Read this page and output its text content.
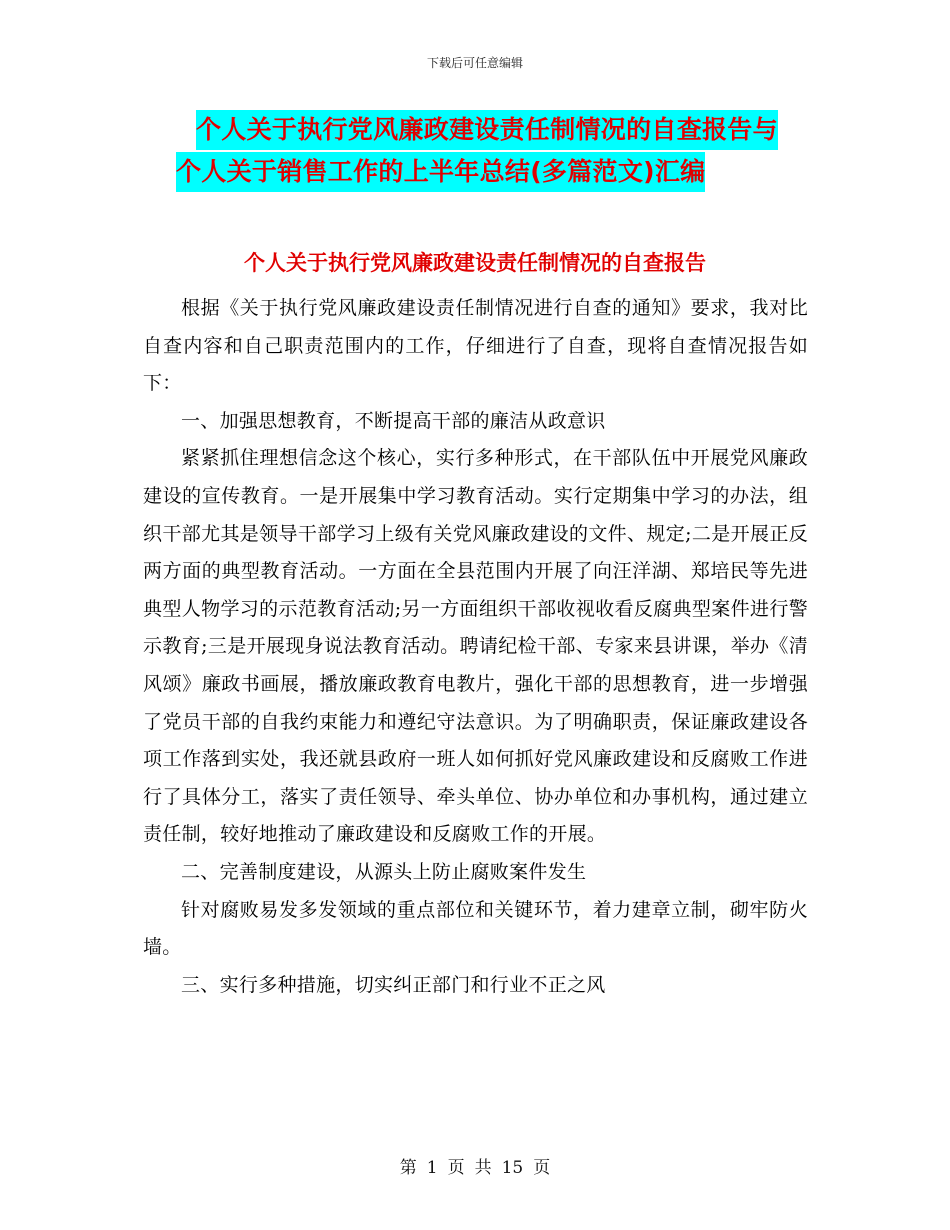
下载后可任意编辑
个人关于执行党风廉政建设责任制情况的自查报告与
个人关于销售工作的上半年总结(多篇范文)汇编
个人关于执行党风廉政建设责任制情况的自查报告

根据《关于执行党风廉政建设责任制情况进行自查的通知》要求，我对比自查内容和自己职责范围内的工作，仔细进行了自查，现将自查情况报告如下：

一、加强思想教育，不断提高干部的廉洁从政意识

紧紧抓住理想信念这个核心，实行多种形式，在干部队伍中开展党风廉政建设的宣传教育。一是开展集中学习教育活动。实行定期集中学习的办法，组织干部尤其是领导干部学习上级有关党风廉政建设的文件、规定;二是开展正反两方面的典型教育活动。一方面在全县范围内开展了向汪洋湖、郑培民等先进典型人物学习的示范教育活动;另一方面组织干部收视收看反腐典型案件进行警示教育;三是开展现身说法教育活动。聘请纪检干部、专家来县讲课，举办《清风颂》廉政书画展，播放廉政教育电教片，强化干部的思想教育，进一步增强了党员干部的自我约束能力和遵纪守法意识。为了明确职责，保证廉政建设各项工作落到实处，我还就县政府一班人如何抓好党风廉政建设和反腐败工作进行了具体分工，落实了责任领导、牵头单位、协办单位和办事机构，通过建立责任制，较好地推动了廉政建设和反腐败工作的开展。

二、完善制度建设，从源头上防止腐败案件发生

针对腐败易发多发领域的重点部位和关键环节，着力建章立制，砌牢防火墙。

三、实行多种措施，切实纠正部门和行业不正之风

第 1 页 共 15 页
